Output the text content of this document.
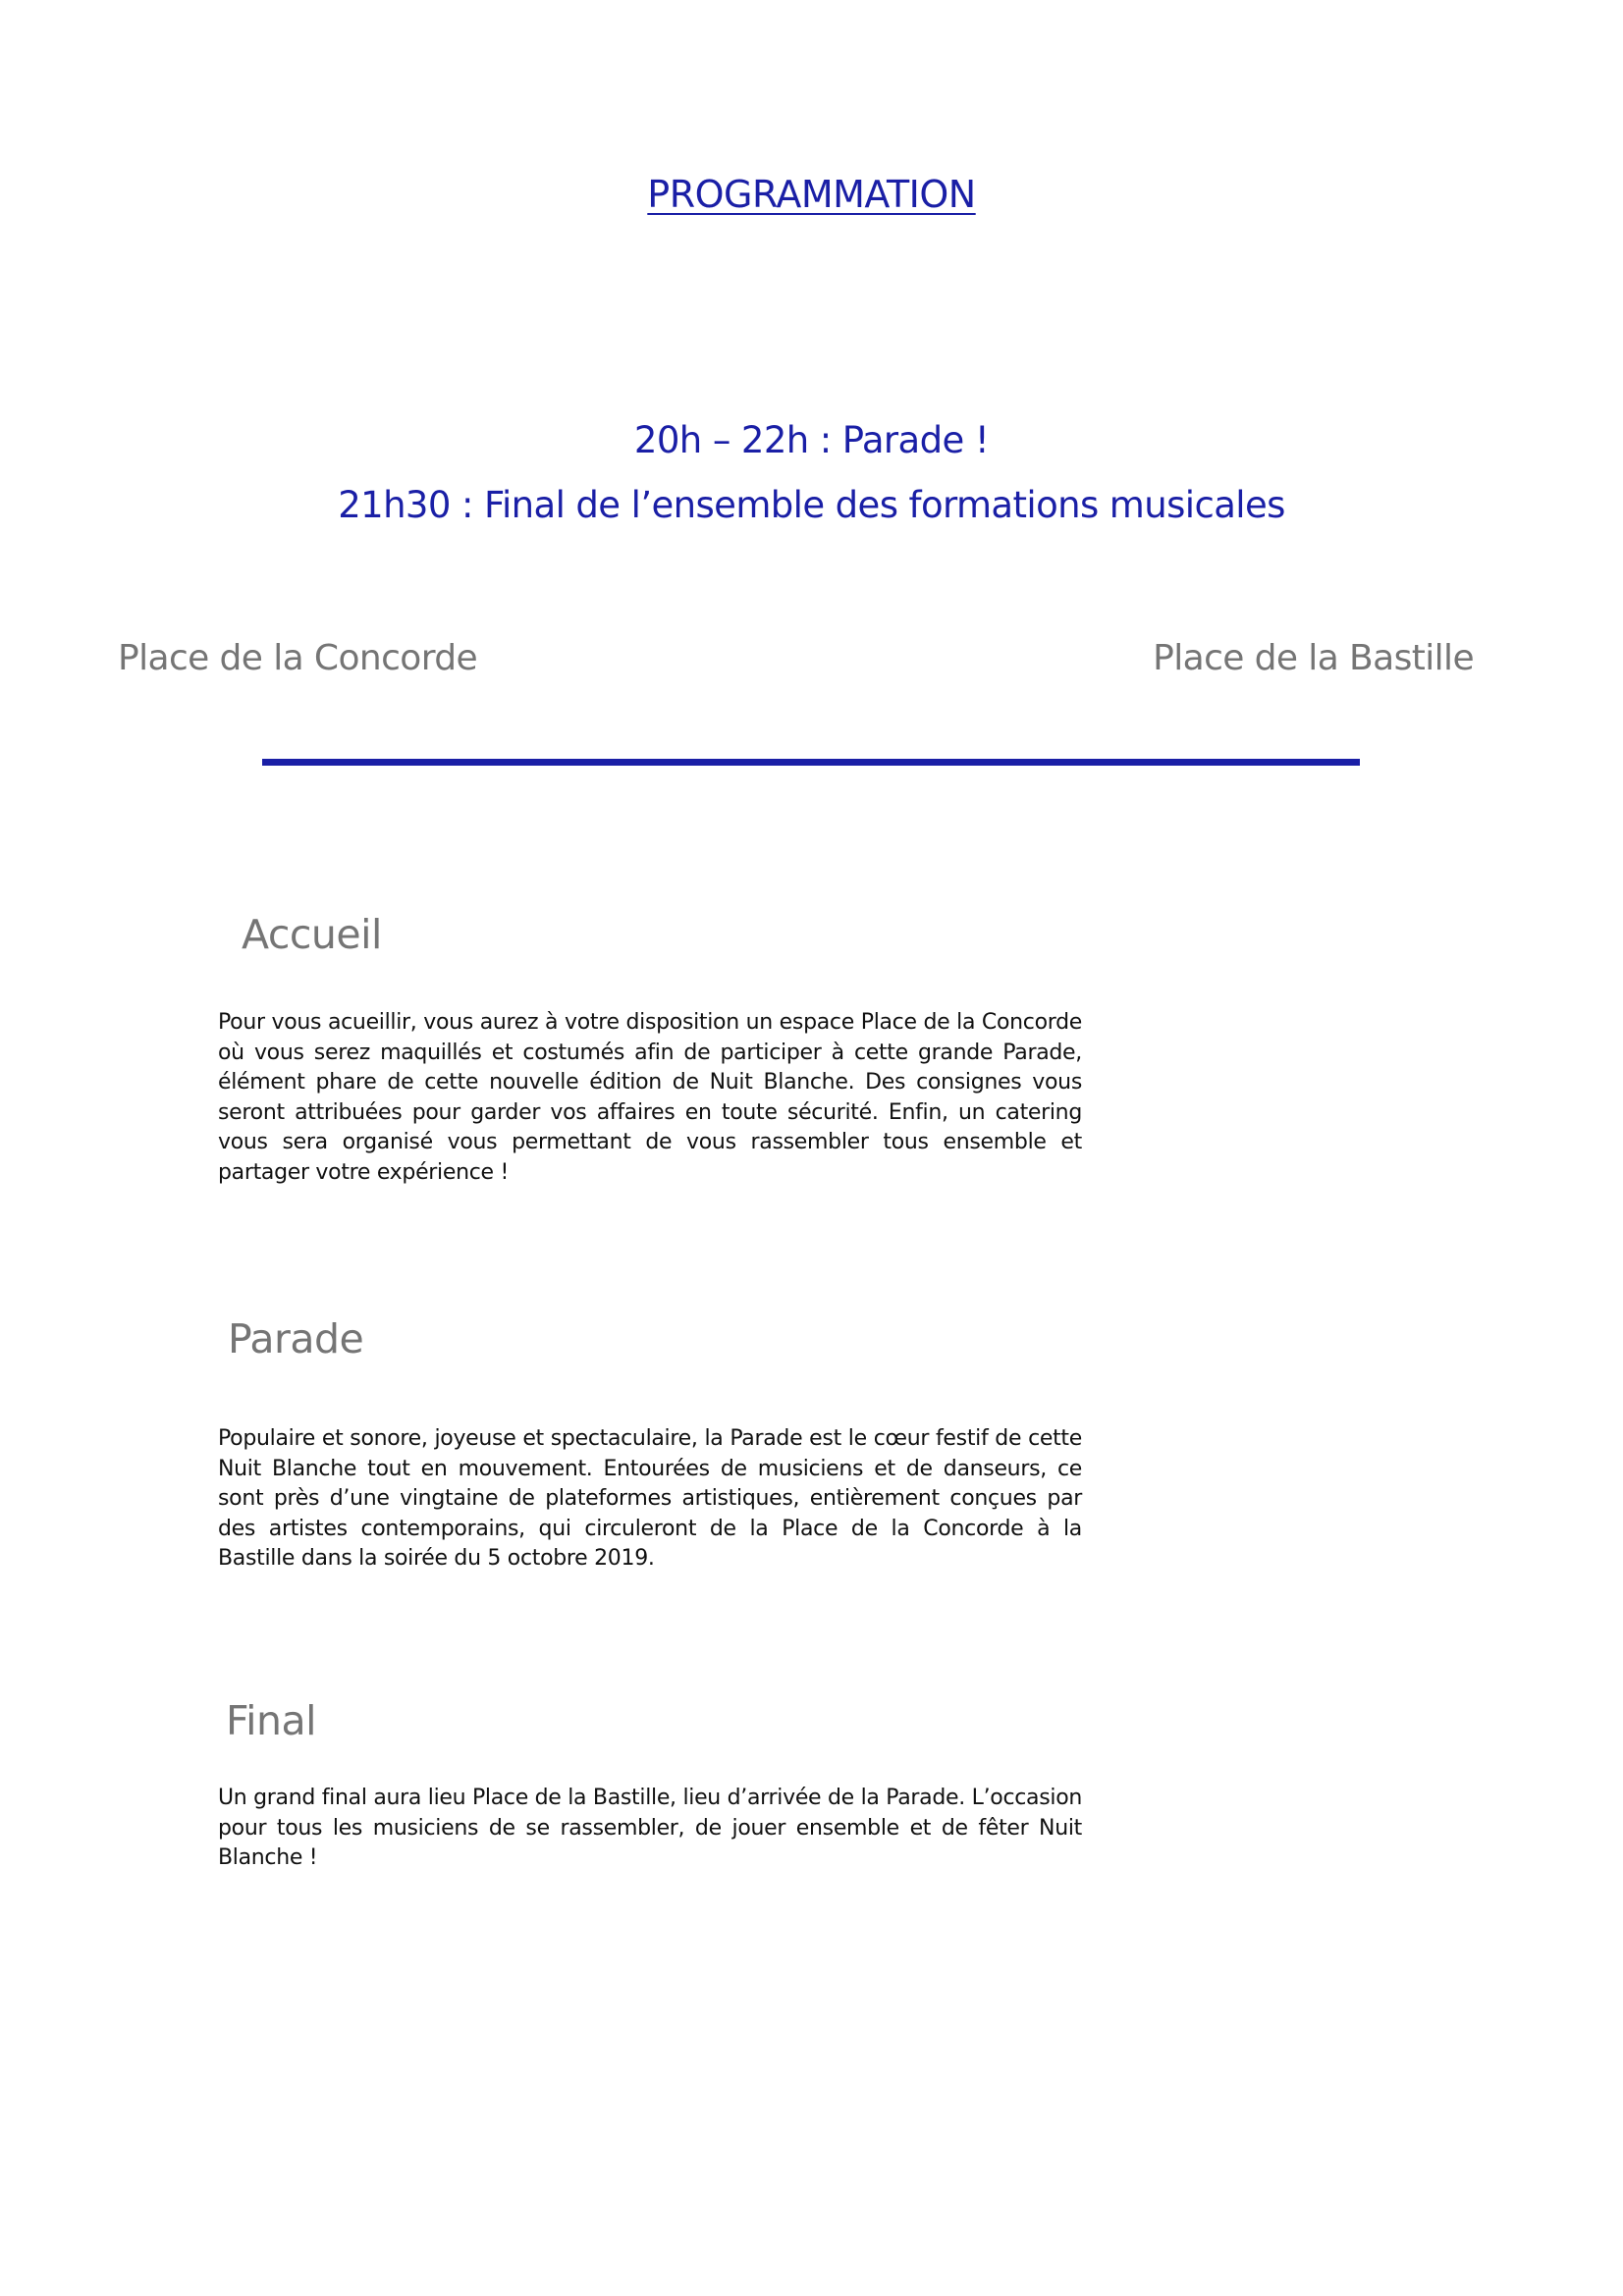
PROGRAMMATION
20h – 22h : Parade !
21h30 : Final de l’ensemble des formations musicales
Place de la Concorde	Place de la Bastille
Accueil

Pour vous acueillir, vous aurez à votre disposition un espace Place de la Concorde où vous serez maquillés et costumés afin de participer à cette grande Parade, élément phare de cette nouvelle édition de Nuit Blanche. Des consignes vous seront attribuées pour garder vos affaires en toute sécurité. Enfin, un catering vous sera organisé vous permettant de vous rassembler tous ensemble et partager votre expérience !

Parade

Populaire et sonore, joyeuse et spectaculaire, la Parade est le cœur festif de cette Nuit Blanche tout en mouvement. Entourées de musiciens et de danseurs, ce sont près d’une vingtaine de plateformes artistiques, entièrement conçues par des artistes contemporains, qui circuleront de la Place de la Concorde à la Bastille dans la soirée du 5 octobre 2019.

Final

Un grand final aura lieu Place de la Bastille, lieu d’arrivée de la Parade. L’occasion pour tous les musiciens de se rassembler, de jouer ensemble et de fêter Nuit Blanche !
